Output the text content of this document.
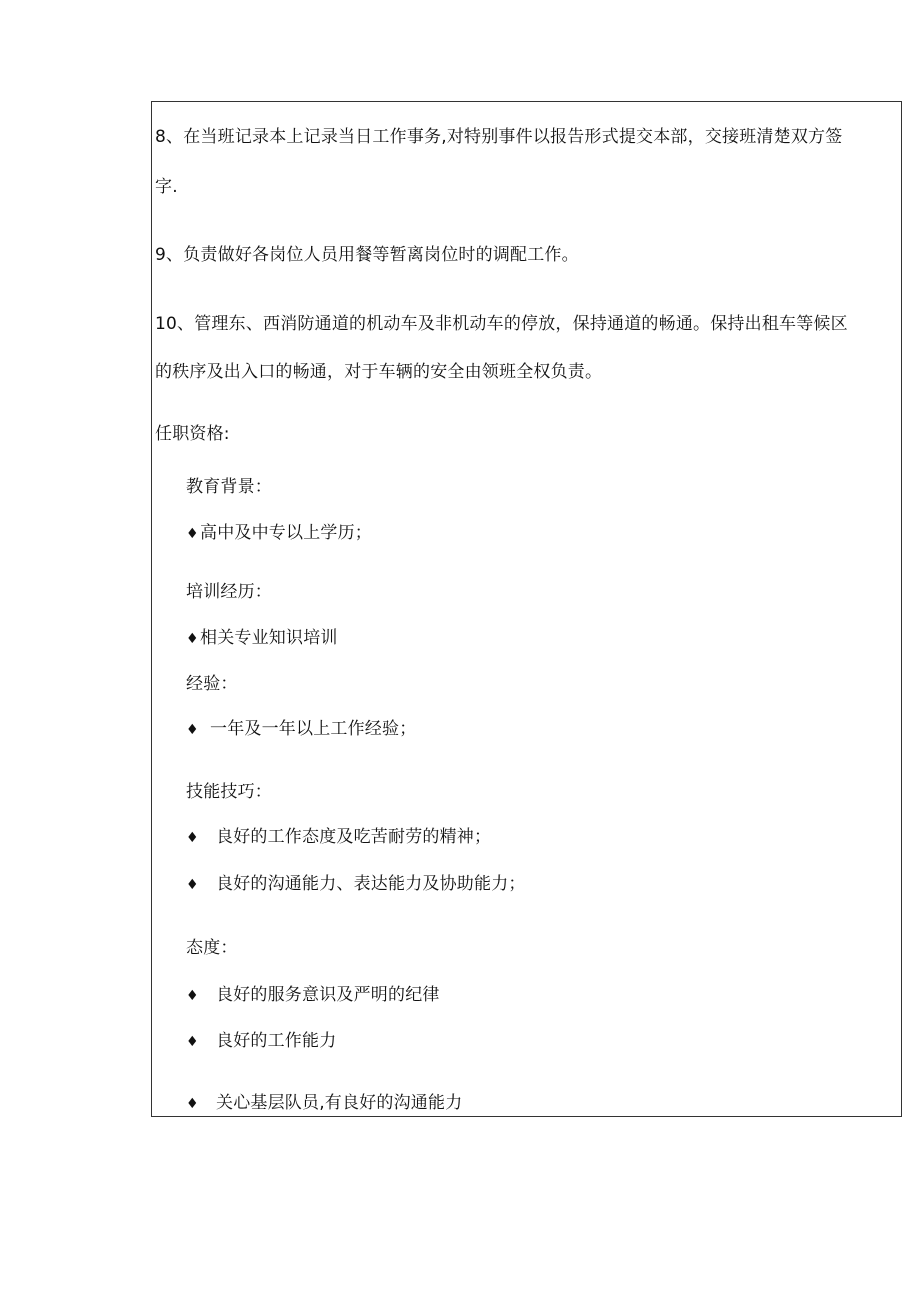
8、在当班记录本上记录当日工作事务,对特别事件以报告形式提交本部，交接班清楚双方签
字.
9、负责做好各岗位人员用餐等暂离岗位时的调配工作。
10、管理东、西消防通道的机动车及非机动车的停放，保持通道的畅通。保持出租车等候区
的秩序及出入口的畅通，对于车辆的安全由领班全权负责。
任职资格:
教育背景：
♦高中及中专以上学历；
培训经历：
♦相关专业知识培训
经验：
♦ 一年及一年以上工作经验；
技能技巧：
♦ 良好的工作态度及吃苦耐劳的精神；
♦ 良好的沟通能力、表达能力及协助能力；
态度：
♦ 良好的服务意识及严明的纪律
♦ 良好的工作能力
♦ 关心基层队员,有良好的沟通能力
